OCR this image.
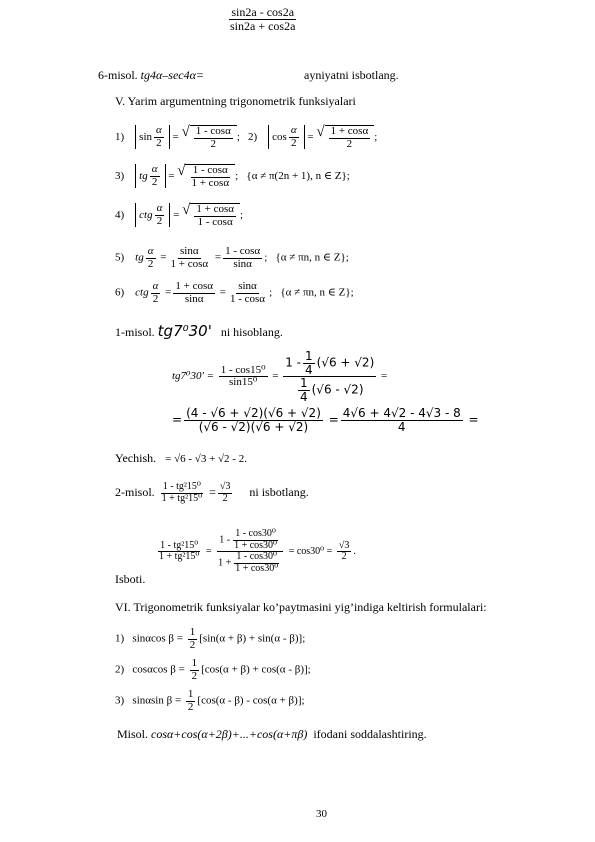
$\frac{\sin 2a - \cos 2a}{\sin 2a + \cos 2a}$
6-misol. tg4α–sec4α=	ayniyatni isbotlang.
V. Yarim argumentning trigonometrik funksiyalari
1) $\sin \frac{\alpha}{2}$ = √ $\frac{1 - \cos\alpha}{2}$ ; 2) $\cos \frac{\alpha}{2}$ = √ $\frac{1 + \cos\alpha}{2}$ ;
3) tg $\frac{\alpha}{2}$ = √ $\frac{1 - \cos\alpha}{1 + \cos\alpha}$ ; {α ≠ π(2n + 1), n ∈ Z};
4) ctg $\frac{\alpha}{2}$ = √ $\frac{1 + \cos\alpha}{1 - \cos\alpha}$ ;
5) tg $\frac{\alpha}{2} = \frac{\sin\alpha}{1 + \cos\alpha} = \frac{1 - \cos\alpha}{\sin\alpha}$ ;   {α ≠ πn, n ∈ Z};
6) ctg $\frac{\alpha}{2} = \frac{1 + \cos\alpha}{\sin\alpha} = \frac{\sin\alpha}{1 - \cos\alpha}$ ;   {α ≠ πn, n ∈ Z};
1-misol. tg7⁰30' ni hisoblang.
$tg7^030' = \frac{\text{1 - cos15⁰}}{\text{sin15⁰}} = \frac{1 - \frac{1}{4} (√6 + √2)}{\frac{1}{4} (√6 - √2)}$ =
= $\frac{(4 - √6 + √2)(√6 + √2)}{(√6 - √2)(√6 + √2)} = \frac{4√6 + 4√2 - 4√3 - 8}{4}$ =
Yechish. = √6 - √3 + √2 - 2.
2-misol. $\frac{\text{1 - tg²15⁰}}{\text{1 + tg²15⁰}} = \frac{√3}{2}$ ni isbotlang.
$\frac{\text{1 - tg²15⁰}}{\text{1 + tg²15⁰}} = \frac{1 - \frac{\text{1 - cos30⁰}}{\text{1 + cos30⁰}}}{1 + \frac{\text{1 - cos30⁰}}{\text{1 + cos30⁰}}} = \cos 30^0 = \frac{√3}{2}$ .
Isboti.
VI. Trigonometrik funksiyalar ko’paytmasini yig’indiga keltirish formulalari:
1) sinαcos $\beta = \frac{1}{2} [\sin(\alpha + \beta) + \sin(\alpha - \beta)]$;
2) cosαcos $\beta = \frac{1}{2} [\cos(\alpha + \beta) + \cos(\alpha - \beta)]$;
3) sinαsin $\beta = \frac{1}{2} [\cos(\alpha - \beta) - \cos(\alpha + \beta)]$;
Misol. cosα+cos(α+2β)+...+cos(α+πβ) ifodani soddalashtiring.
30
